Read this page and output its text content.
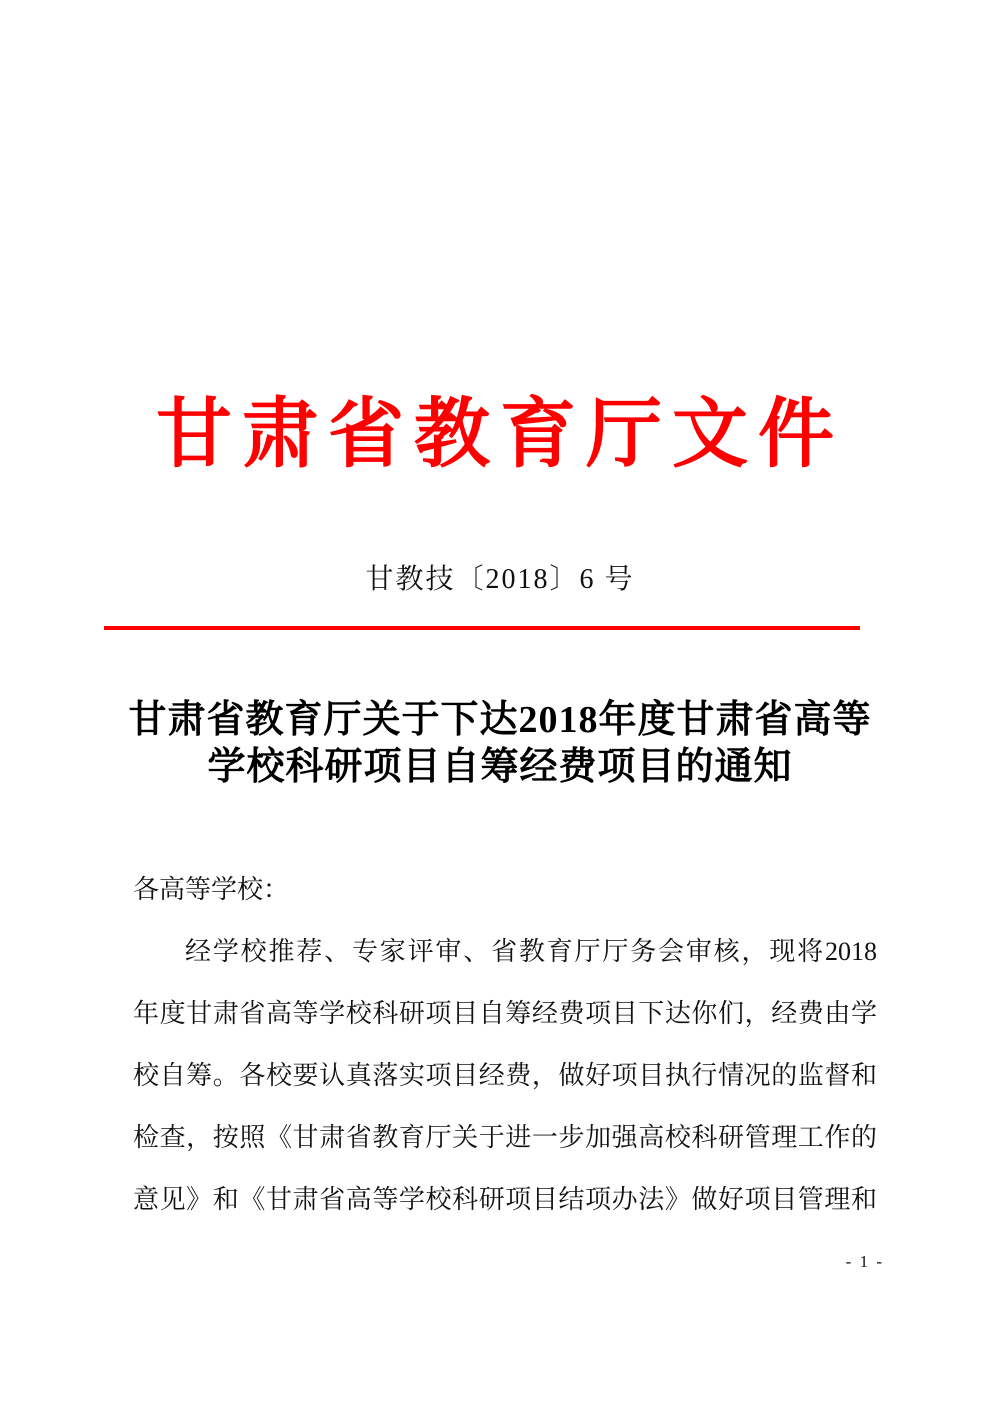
甘肃省教育厅文件
甘教技〔2018〕6 号
甘肃省教育厅关于下达2018年度甘肃省高等
学校科研项目自筹经费项目的通知
各高等学校：
经学校推荐、专家评审、省教育厅厅务会审核，现将2018
年度甘肃省高等学校科研项目自筹经费项目下达你们，经费由学
校自筹。各校要认真落实项目经费，做好项目执行情况的监督和
检查，按照《甘肃省教育厅关于进一步加强高校科研管理工作的
意见》和《甘肃省高等学校科研项目结项办法》做好项目管理和
- 1 -
